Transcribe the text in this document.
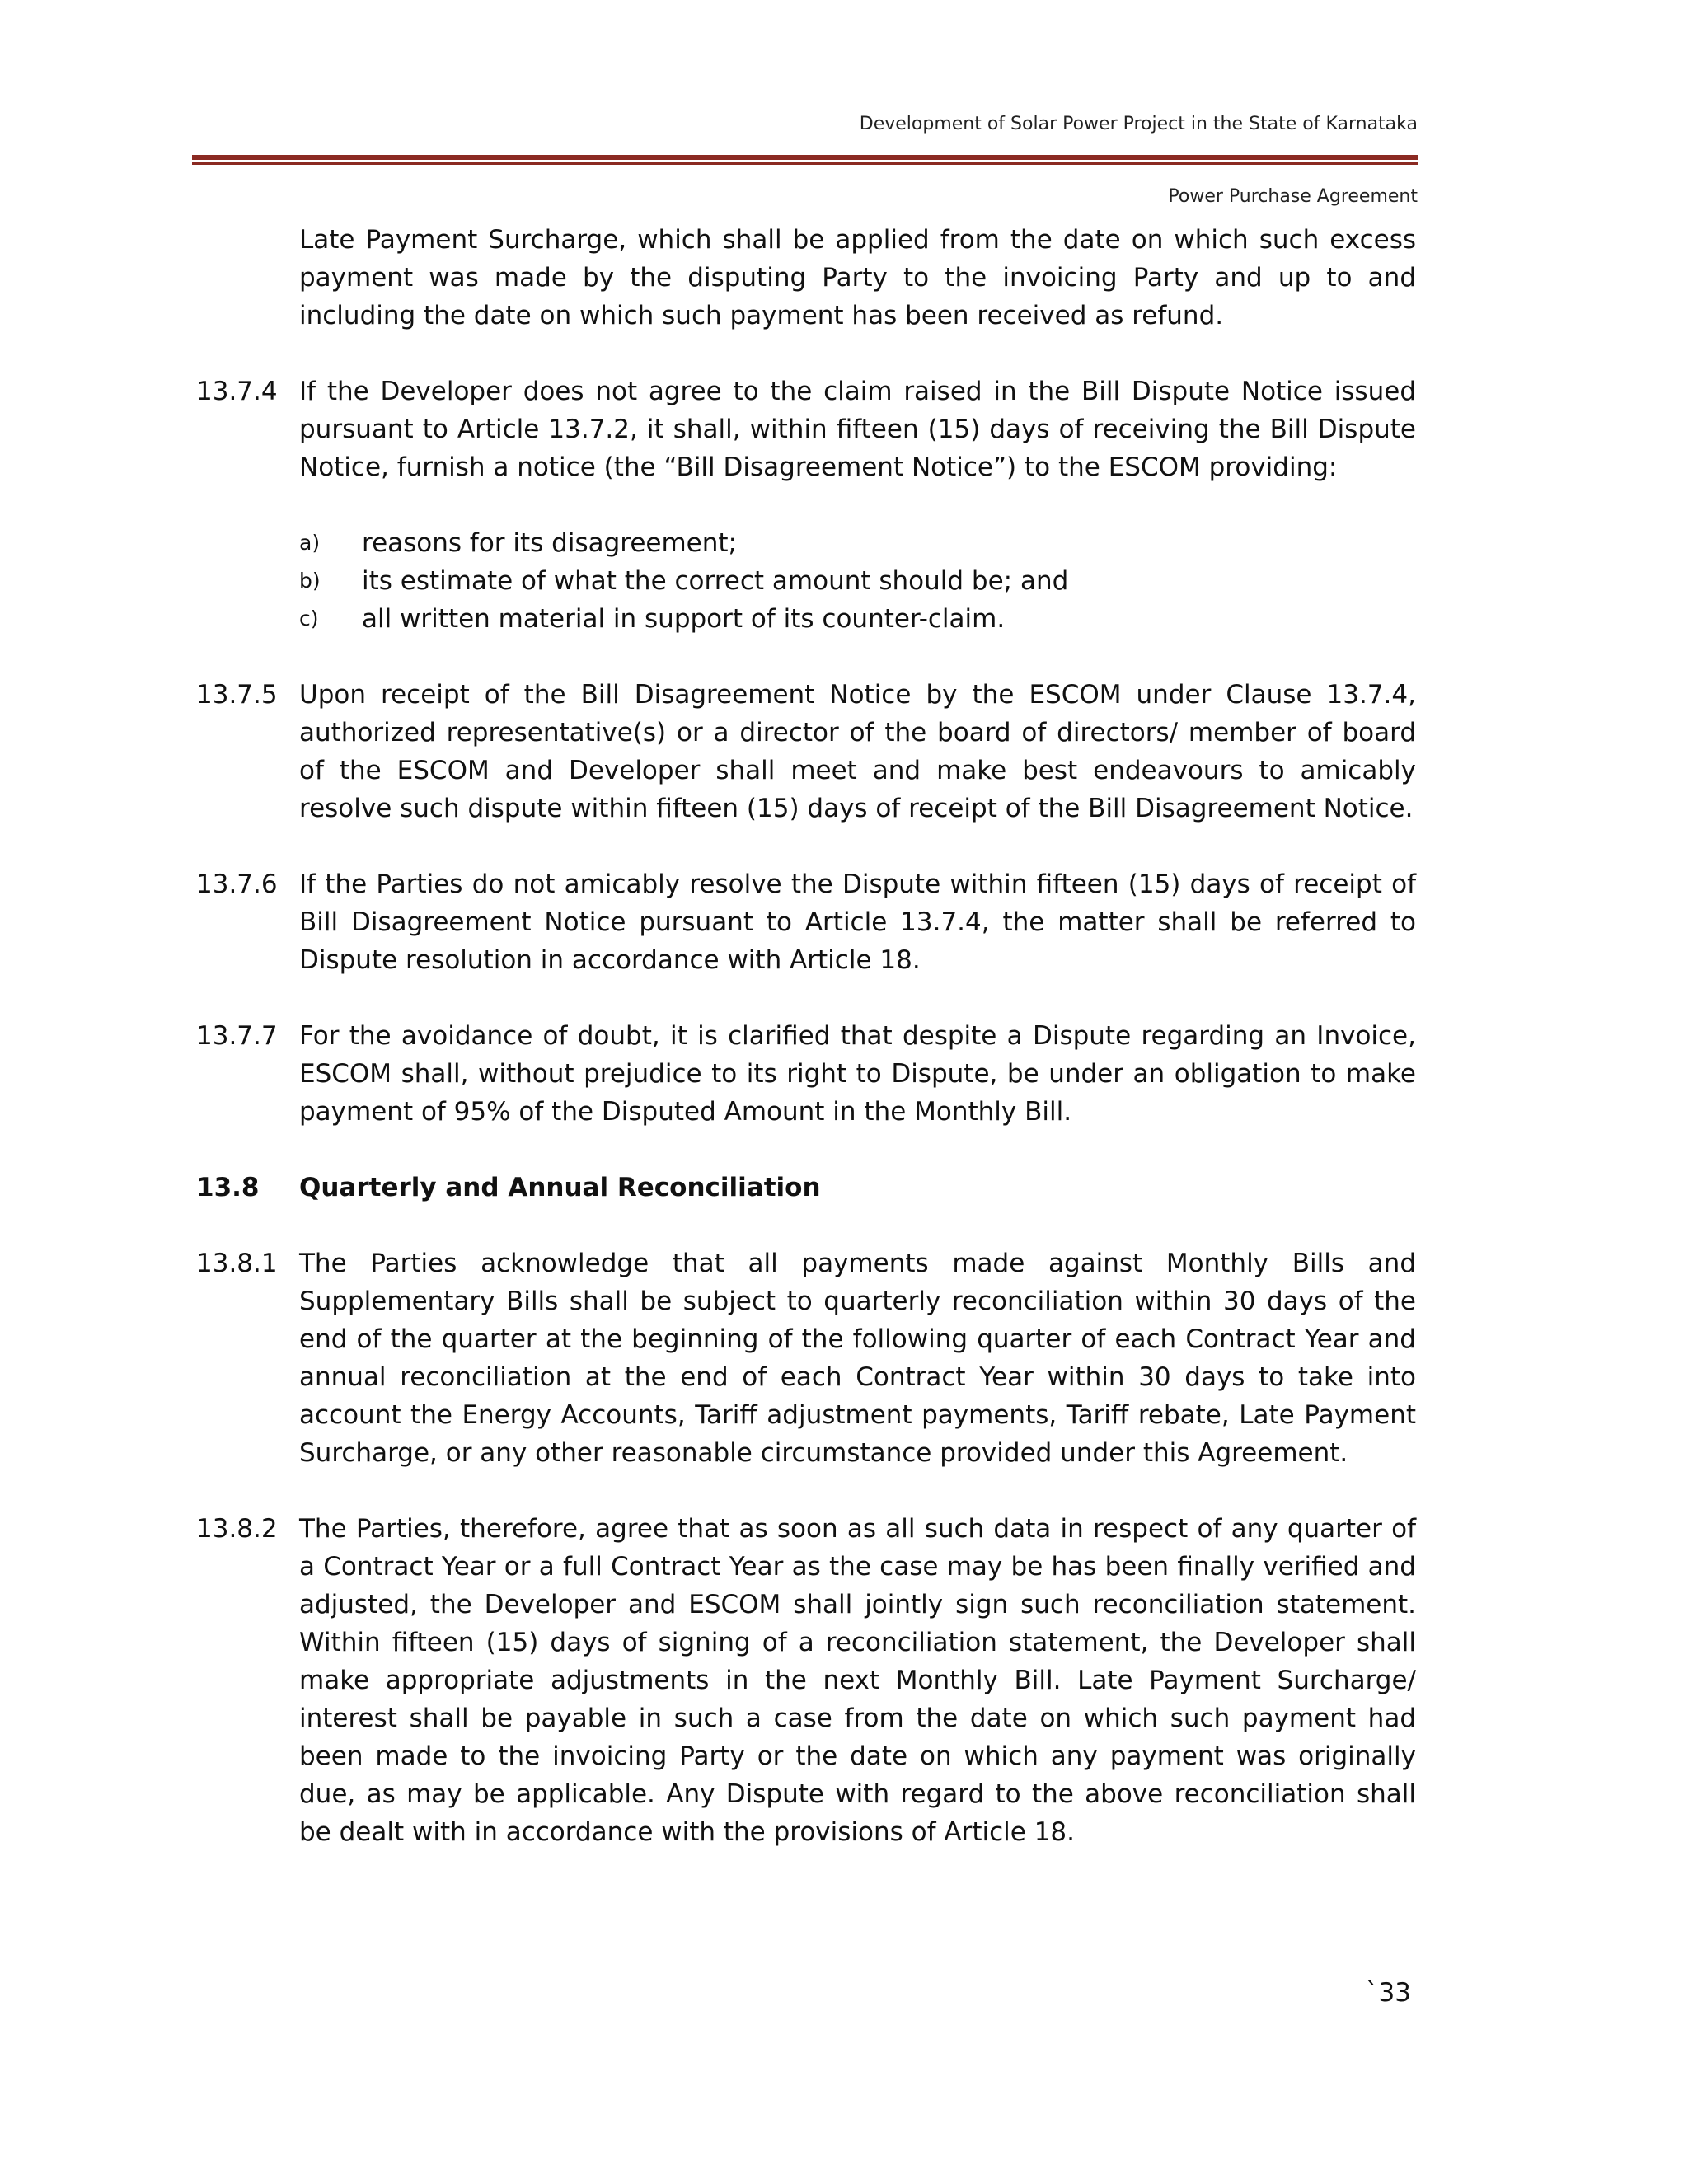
Development of Solar Power Project in the State of Karnataka
Power Purchase Agreement
Late Payment Surcharge, which shall be applied from the date on which such excess payment was made by the disputing Party to the invoicing Party and up to and including the date on which such payment has been received as refund.
13.7.4 If the Developer does not agree to the claim raised in the Bill Dispute Notice issued pursuant to Article 13.7.2, it shall, within fifteen (15) days of receiving the Bill Dispute Notice, furnish a notice (the “Bill Disagreement Notice”) to the ESCOM providing:
a)	reasons for its disagreement;
b)	its estimate of what the correct amount should be; and
c)	all written material in support of its counter-claim.
13.7.5 Upon receipt of the Bill Disagreement Notice by the ESCOM under Clause 13.7.4, authorized representative(s) or a director of the board of directors/ member of board of the ESCOM and Developer shall meet and make best endeavours to amicably resolve such dispute within fifteen (15) days of receipt of the Bill Disagreement Notice.
13.7.6 If the Parties do not amicably resolve the Dispute within fifteen (15) days of receipt of Bill Disagreement Notice pursuant to Article 13.7.4, the matter shall be referred to Dispute resolution in accordance with Article 18.
13.7.7 For the avoidance of doubt, it is clarified that despite a Dispute regarding an Invoice, ESCOM shall, without prejudice to its right to Dispute, be under an obligation to make payment of 95% of the Disputed Amount in the Monthly Bill.
13.8	Quarterly and Annual Reconciliation
13.8.1 The Parties acknowledge that all payments made against Monthly Bills and Supplementary Bills shall be subject to quarterly reconciliation within 30 days of the end of the quarter at the beginning of the following quarter of each Contract Year and annual reconciliation at the end of each Contract Year within 30 days to take into account the Energy Accounts, Tariff adjustment payments, Tariff rebate, Late Payment Surcharge, or any other reasonable circumstance provided under this Agreement.
13.8.2 The Parties, therefore, agree that as soon as all such data in respect of any quarter of a Contract Year or a full Contract Year as the case may be has been finally verified and adjusted, the Developer and ESCOM shall jointly sign such reconciliation statement. Within fifteen (15) days of signing of a reconciliation statement, the Developer shall make appropriate adjustments in the next Monthly Bill. Late Payment Surcharge/ interest shall be payable in such a case from the date on which such payment had been made to the invoicing Party or the date on which any payment was originally due, as may be applicable. Any Dispute with regard to the above reconciliation shall be dealt with in accordance with the provisions of Article 18.
`33
